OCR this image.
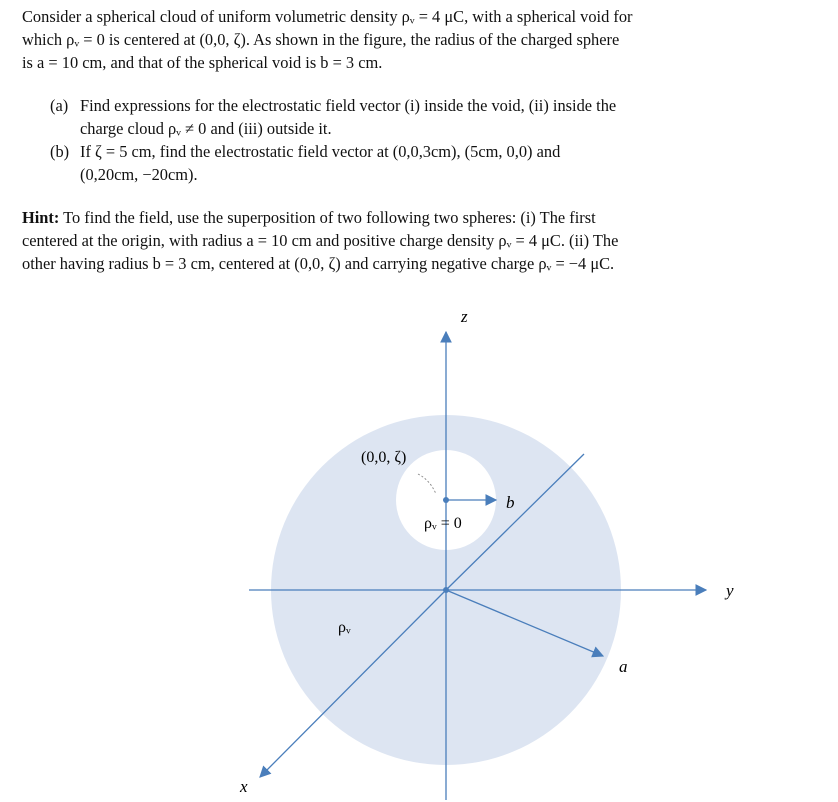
Consider a spherical cloud of uniform volumetric density ρᵥ = 4 μC, with a spherical void for
which ρᵥ = 0 is centered at (0,0, ζ). As shown in the figure, the radius of the charged sphere
is a = 10 cm, and that of the spherical void is b = 3 cm.
(a) Find expressions for the electrostatic field vector (i) inside the void, (ii) inside the
charge cloud ρᵥ ≠ 0 and (iii) outside it.
(b) If ζ = 5 cm, find the electrostatic field vector at (0,0,3cm), (5cm, 0,0) and
(0,20cm, −20cm).
Hint: To find the field, use the superposition of two following two spheres: (i) The first
centered at the origin, with radius a = 10 cm and positive charge density ρᵥ = 4 μC. (ii) The
other having radius b = 3 cm, centered at (0,0, ζ) and carrying negative charge ρᵥ = −4 μC.
z
y
x
(0,0, ζ)
ρᵥ = 0
ρᵥ
b
a
